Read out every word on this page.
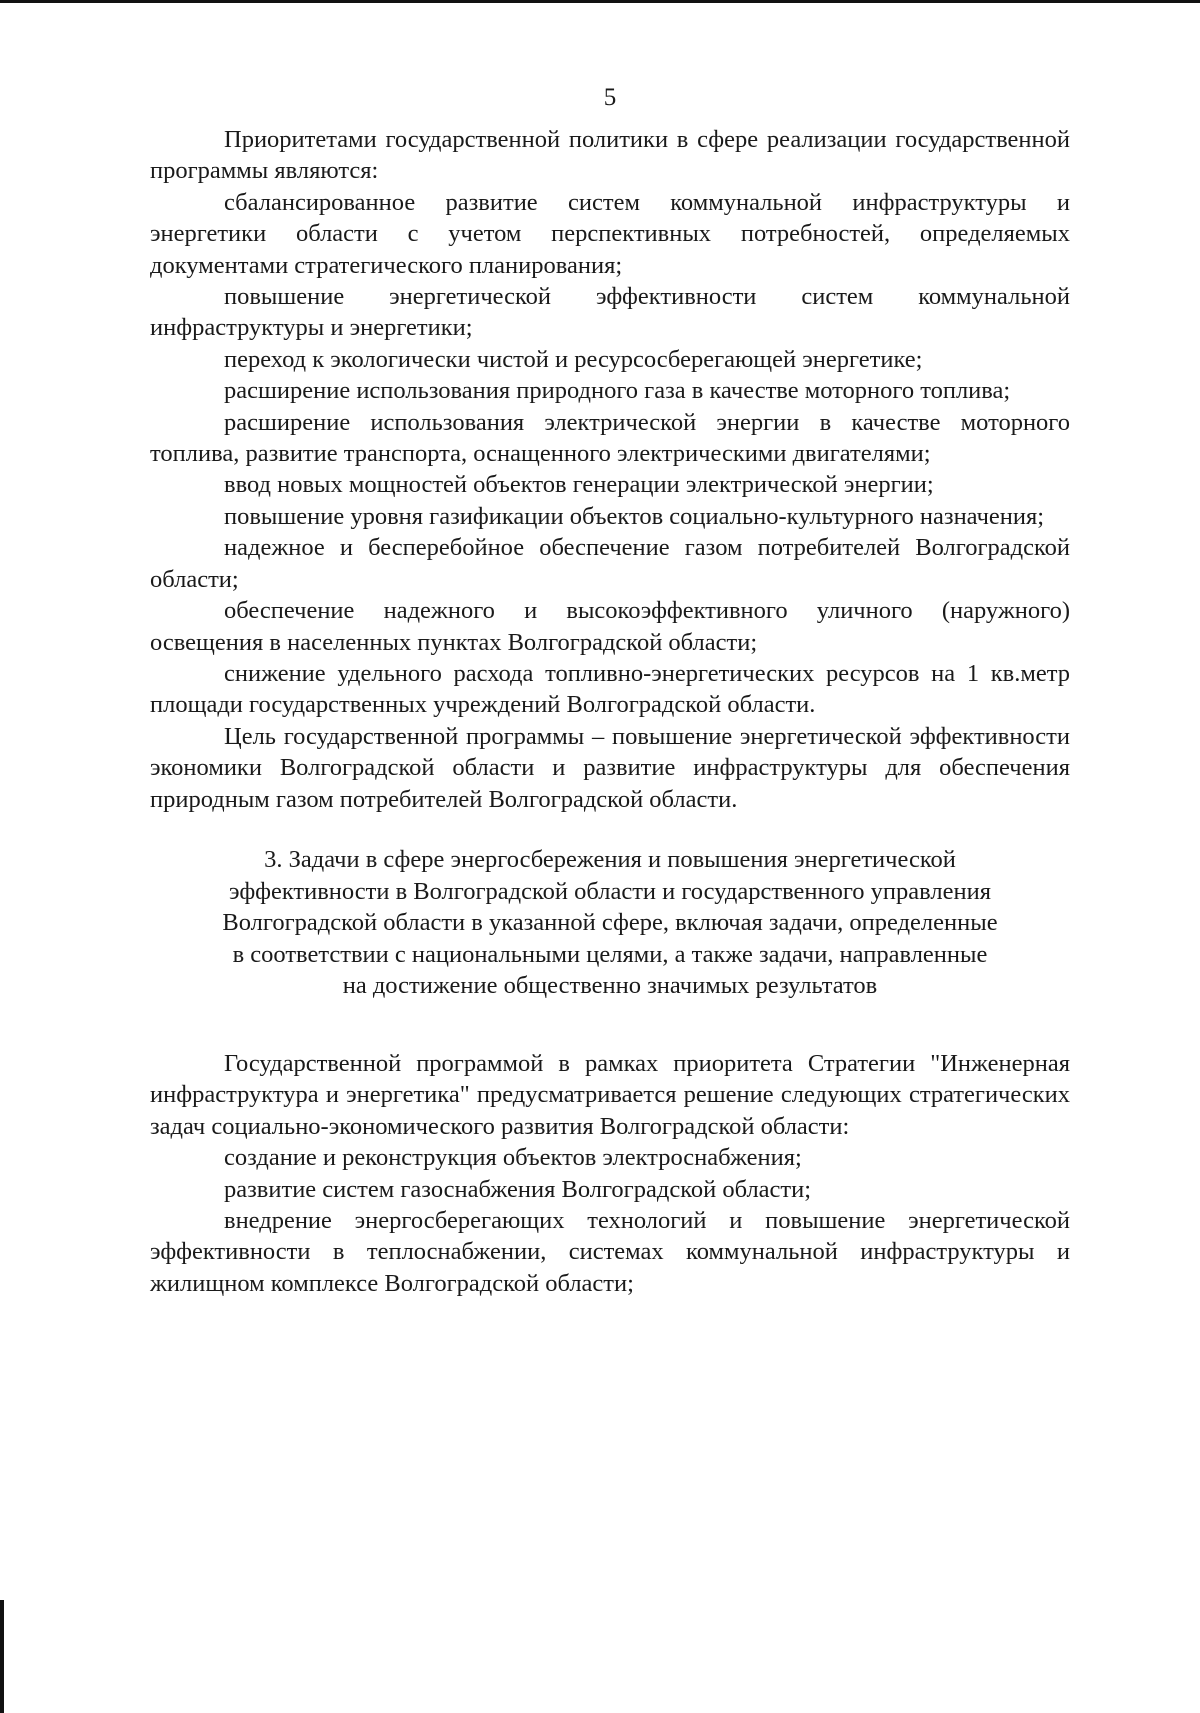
5

Приоритетами государственной политики в сфере реализации государственной программы являются:

сбалансированное развитие систем коммунальной инфраструктуры и энергетики области с учетом перспективных потребностей, определяемых документами стратегического планирования;

повышение энергетической эффективности систем коммунальной инфраструктуры и энергетики;

переход к экологически чистой и ресурсосберегающей энергетике;

расширение использования природного газа в качестве моторного топлива;

расширение использования электрической энергии в качестве моторного топлива, развитие транспорта, оснащенного электрическими двигателями;

ввод новых мощностей объектов генерации электрической энергии;

повышение уровня газификации объектов социально-культурного назначения;

надежное и бесперебойное обеспечение газом потребителей Волгоградской области;

обеспечение надежного и высокоэффективного уличного (наружного) освещения в населенных пунктах Волгоградской области;

снижение удельного расхода топливно-энергетических ресурсов на 1 кв.метр площади государственных учреждений Волгоградской области.

Цель государственной программы – повышение энергетической эффективности экономики Волгоградской области и развитие инфраструктуры для обеспечения природным газом потребителей Волгоградской области.

3. Задачи в сфере энергосбережения и повышения энергетической
эффективности в Волгоградской области и государственного управления
Волгоградской области в указанной сфере, включая задачи, определенные
в соответствии с национальными целями, а также задачи, направленные
на достижение общественно значимых результатов

Государственной программой в рамках приоритета Стратегии "Инженерная инфраструктура и энергетика" предусматривается решение следующих стратегических задач социально-экономического развития Волгоградской области:

создание и реконструкция объектов электроснабжения;

развитие систем газоснабжения Волгоградской области;

внедрение энергосберегающих технологий и повышение энергетической эффективности в теплоснабжении, системах коммунальной инфраструктуры и жилищном комплексе Волгоградской области;
